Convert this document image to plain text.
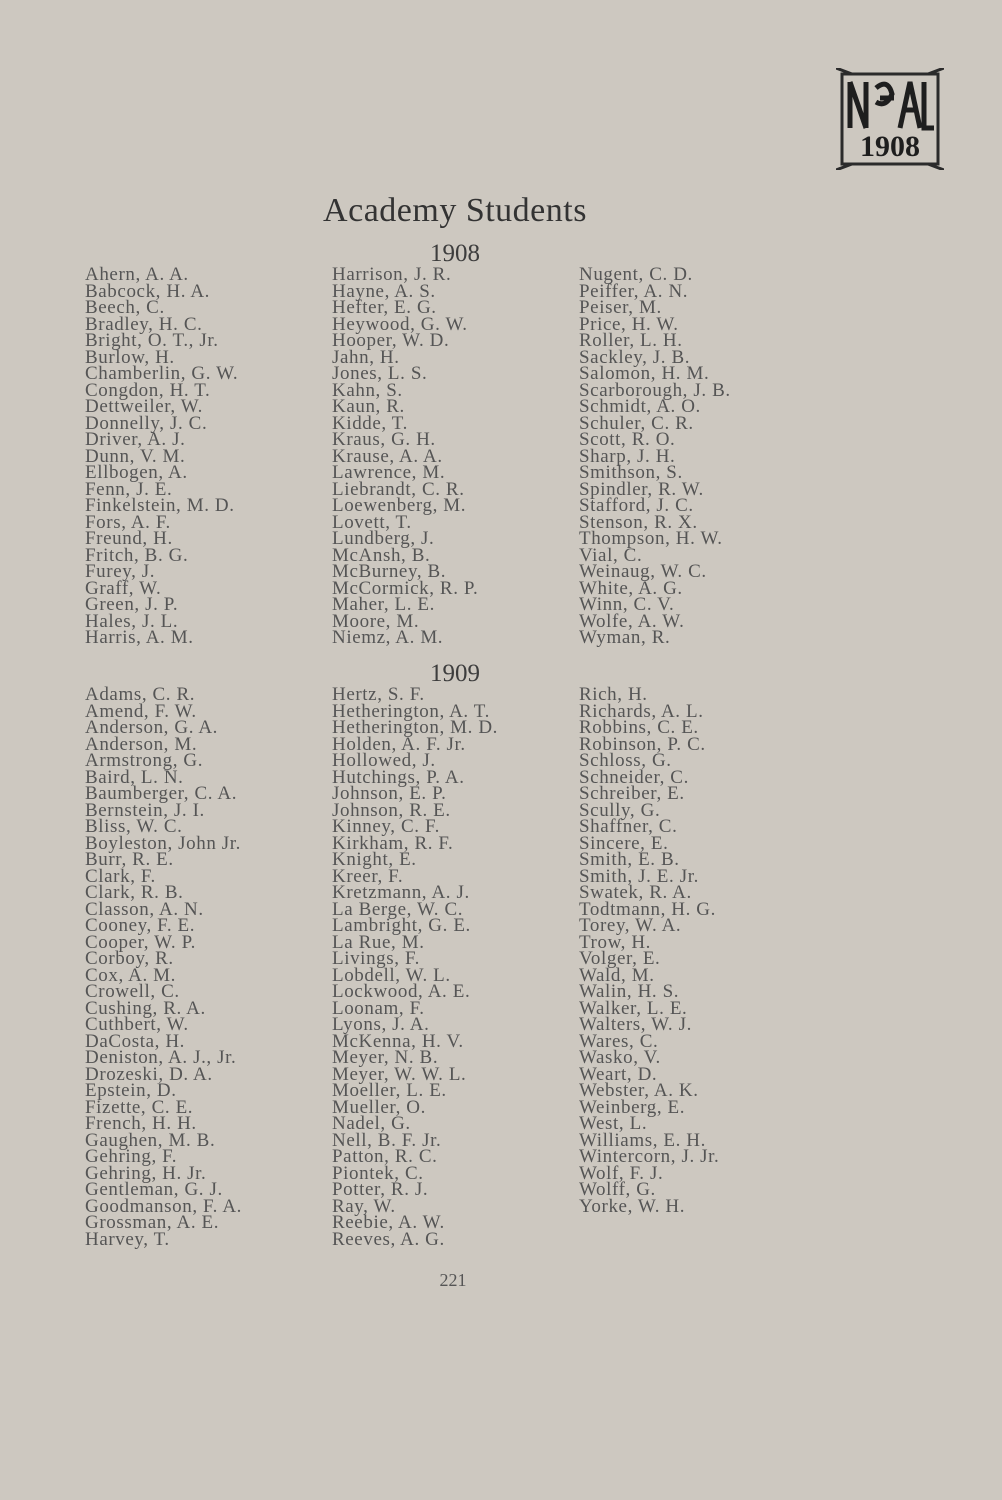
1908
Academy Students
1908
Ahern, A. A.
Babcock, H. A.
Beech, C.
Bradley, H. C.
Bright, O. T., Jr.
Burlow, H.
Chamberlin, G. W.
Congdon, H. T.
Dettweiler, W.
Donnelly, J. C.
Driver, A. J.
Dunn, V. M.
Ellbogen, A.
Fenn, J. E.
Finkelstein, M. D.
Fors, A. F.
Freund, H.
Fritch, B. G.
Furey, J.
Graff, W.
Green, J. P.
Hales, J. L.
Harris, A. M.
Harrison, J. R.
Hayne, A. S.
Hefter, E. G.
Heywood, G. W.
Hooper, W. D.
Jahn, H.
Jones, L. S.
Kahn, S.
Kaun, R.
Kidde, T.
Kraus, G. H.
Krause, A. A.
Lawrence, M.
Liebrandt, C. R.
Loewenberg, M.
Lovett, T.
Lundberg, J.
McAnsh, B.
McBurney, B.
McCormick, R. P.
Maher, L. E.
Moore, M.
Niemz, A. M.
Nugent, C. D.
Peiffer, A. N.
Peiser, M.
Price, H. W.
Roller, L. H.
Sackley, J. B.
Salomon, H. M.
Scarborough, J. B.
Schmidt, A. O.
Schuler, C. R.
Scott, R. O.
Sharp, J. H.
Smithson, S.
Spindler, R. W.
Stafford, J. C.
Stenson, R. X.
Thompson, H. W.
Vial, C.
Weinaug, W. C.
White, A. G.
Winn, C. V.
Wolfe, A. W.
Wyman, R.
1909
Adams, C. R.
Amend, F. W.
Anderson, G. A.
Anderson, M.
Armstrong, G.
Baird, L. N.
Baumberger, C. A.
Bernstein, J. I.
Bliss, W. C.
Boyleston, John Jr.
Burr, R. E.
Clark, F.
Clark, R. B.
Classon, A. N.
Cooney, F. E.
Cooper, W. P.
Corboy, R.
Cox, A. M.
Crowell, C.
Cushing, R. A.
Cuthbert, W.
DaCosta, H.
Deniston, A. J., Jr.
Drozeski, D. A.
Epstein, D.
Fizette, C. E.
French, H. H.
Gaughen, M. B.
Gehring, F.
Gehring, H. Jr.
Gentleman, G. J.
Goodmanson, F. A.
Grossman, A. E.
Harvey, T.
Hertz, S. F.
Hetherington, A. T.
Hetherington, M. D.
Holden, A. F. Jr.
Hollowed, J.
Hutchings, P. A.
Johnson, E. P.
Johnson, R. E.
Kinney, C. F.
Kirkham, R. F.
Knight, E.
Kreer, F.
Kretzmann, A. J.
La Berge, W. C.
Lambright, G. E.
La Rue, M.
Livings, F.
Lobdell, W. L.
Lockwood, A. E.
Loonam, F.
Lyons, J. A.
McKenna, H. V.
Meyer, N. B.
Meyer, W. W. L.
Moeller, L. E.
Mueller, O.
Nadel, G.
Nell, B. F. Jr.
Patton, R. C.
Piontek, C.
Potter, R. J.
Ray, W.
Reebie, A. W.
Reeves, A. G.
Rich, H.
Richards, A. L.
Robbins, C. E.
Robinson, P. C.
Schloss, G.
Schneider, C.
Schreiber, E.
Scully, G.
Shaffner, C.
Sincere, E.
Smith, E. B.
Smith, J. E. Jr.
Swatek, R. A.
Todtmann, H. G.
Torey, W. A.
Trow, H.
Volger, E.
Wald, M.
Walin, H. S.
Walker, L. E.
Walters, W. J.
Wares, C.
Wasko, V.
Weart, D.
Webster, A. K.
Weinberg, E.
West, L.
Williams, E. H.
Wintercorn, J. Jr.
Wolf, F. J.
Wolff, G.
Yorke, W. H.
221
